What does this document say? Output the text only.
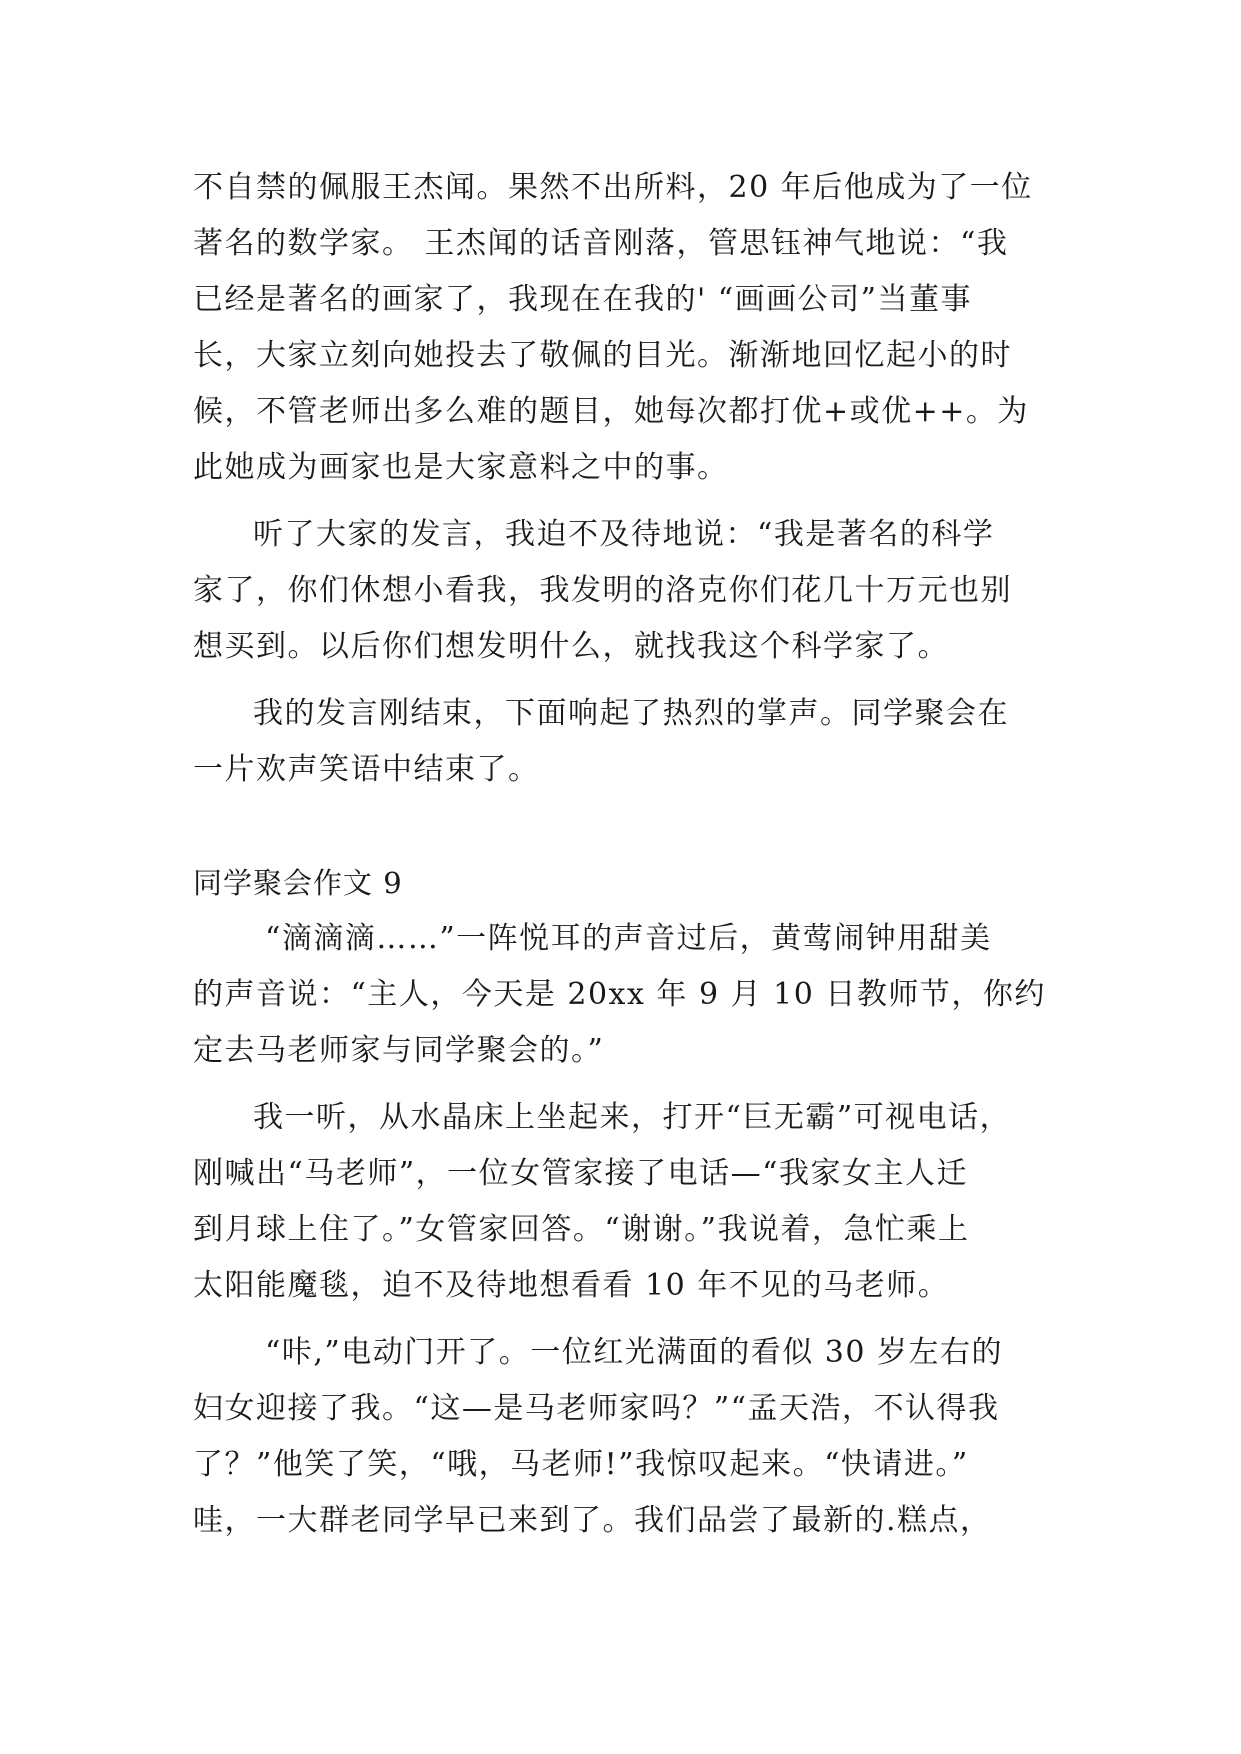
不自禁的佩服王杰闻。果然不出所料，20 年后他成为了一位
著名的数学家。 王杰闻的话音刚落，管思钰神气地说：“我
已经是著名的画家了，我现在在我的' “画画公司”当董事
长，大家立刻向她投去了敬佩的目光。渐渐地回忆起小的时
候，不管老师出多么难的题目，她每次都打优+或优++。为
此她成为画家也是大家意料之中的事。
听了大家的发言，我迫不及待地说：“我是著名的科学
家了，你们休想小看我，我发明的洛克你们花几十万元也别
想买到。以后你们想发明什么，就找我这个科学家了。
我的发言刚结束，下面响起了热烈的掌声。同学聚会在
一片欢声笑语中结束了。
同学聚会作文 9
“滴滴滴……”一阵悦耳的声音过后，黄莺闹钟用甜美
的声音说：“主人，今天是 20xx 年 9 月 10 日教师节，你约
定去马老师家与同学聚会的。”
我一听，从水晶床上坐起来，打开“巨无霸”可视电话，
刚喊出“马老师”，一位女管家接了电话—“我家女主人迁
到月球上住了。”女管家回答。“谢谢。”我说着，急忙乘上
太阳能魔毯，迫不及待地想看看 10 年不见的马老师。
“咔,”电动门开了。一位红光满面的看似 30 岁左右的
妇女迎接了我。“这—是马老师家吗？”“孟天浩，不认得我
了？”他笑了笑，“哦，马老师!”我惊叹起来。“快请进。”
哇，一大群老同学早已来到了。我们品尝了最新的.糕点，
